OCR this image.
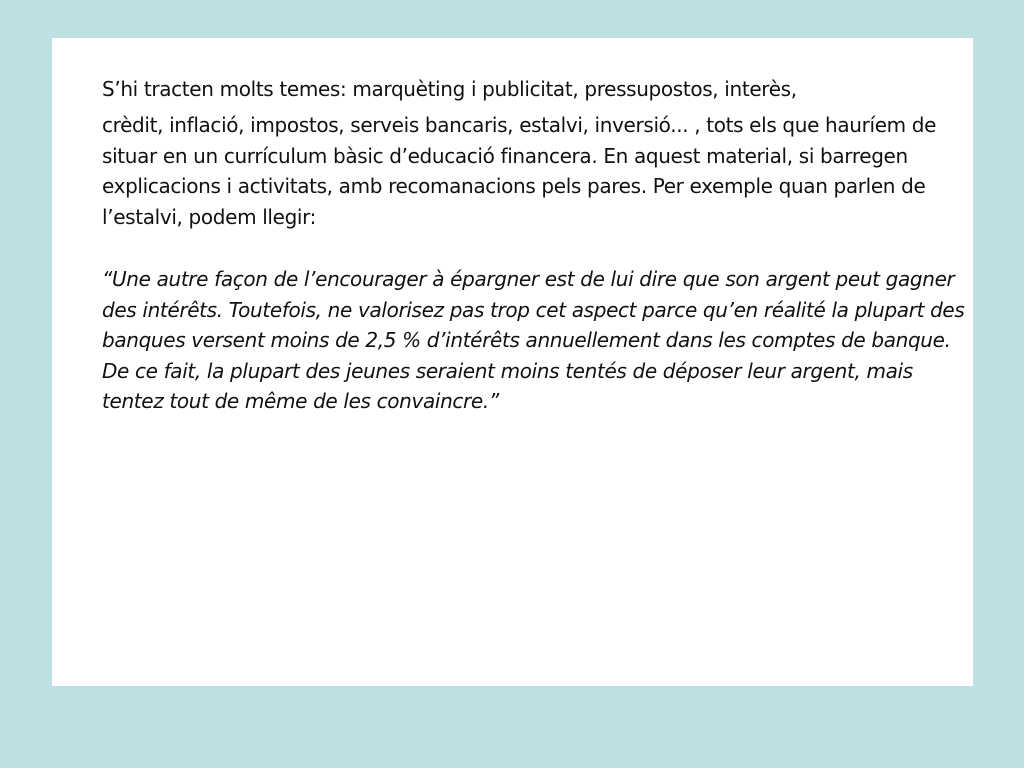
S’hi tracten molts temes: marquèting i publicitat, pressupostos, interès,

crèdit, inflació, impostos, serveis bancaris, estalvi, inversió... , tots els que hauríem de situar en un currículum bàsic d’educació financera. En aquest material, si barregen explicacions i activitats, amb recomanacions pels pares. Per exemple quan parlen de l’estalvi, podem llegir:

“Une autre façon de l’encourager à épargner est de lui dire que son argent peut gagner des intérêts. Toutefois, ne valorisez pas trop cet aspect parce qu’en réalité la plupart des banques versent moins de 2,5 % d’intérêts annuellement dans les comptes de banque. De ce fait, la plupart des jeunes seraient moins tentés de déposer leur argent, mais tentez tout de même de les convaincre.”
